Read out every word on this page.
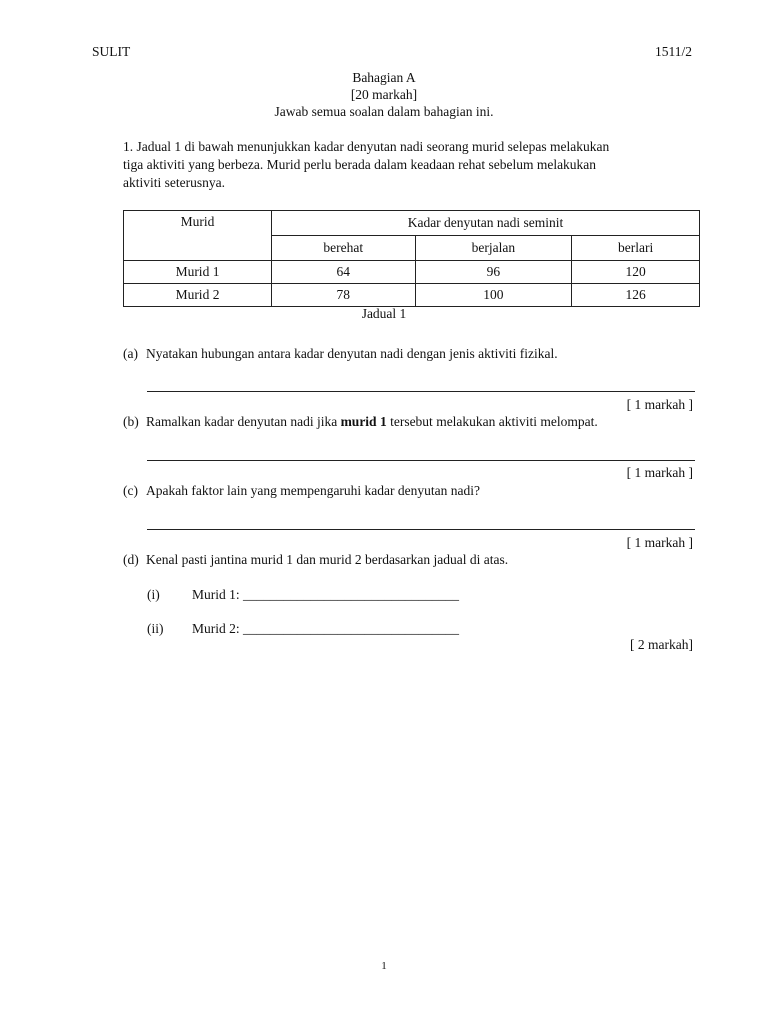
SULIT	1511/2
Bahagian A
[20 markah]
Jawab semua soalan dalam bahagian ini.
1. Jadual 1 di bawah menunjukkan kadar denyutan nadi seorang murid selepas melakukan
tiga aktiviti yang berbeza. Murid perlu berada dalam keadaan rehat sebelum melakukan
aktiviti seterusnya.
Murid	Kadar denyutan nadi seminit		
	berehat	berjalan	berlari
Murid 1	64	96	120
Murid 2	78	100	126
Jadual 1
(a) Nyatakan hubungan antara kadar denyutan nadi dengan jenis aktiviti fizikal.
[ 1 markah ]
(b) Ramalkan kadar denyutan nadi jika murid 1 tersebut melakukan aktiviti melompat.
[ 1 markah ]
(c) Apakah faktor lain yang mempengaruhi kadar denyutan nadi?
[ 1 markah ]
(d) Kenal pasti jantina murid 1 dan murid 2 berdasarkan jadual di atas.
(i) Murid 1: ________________________________
(ii) Murid 2: ________________________________
[ 2 markah]
1
